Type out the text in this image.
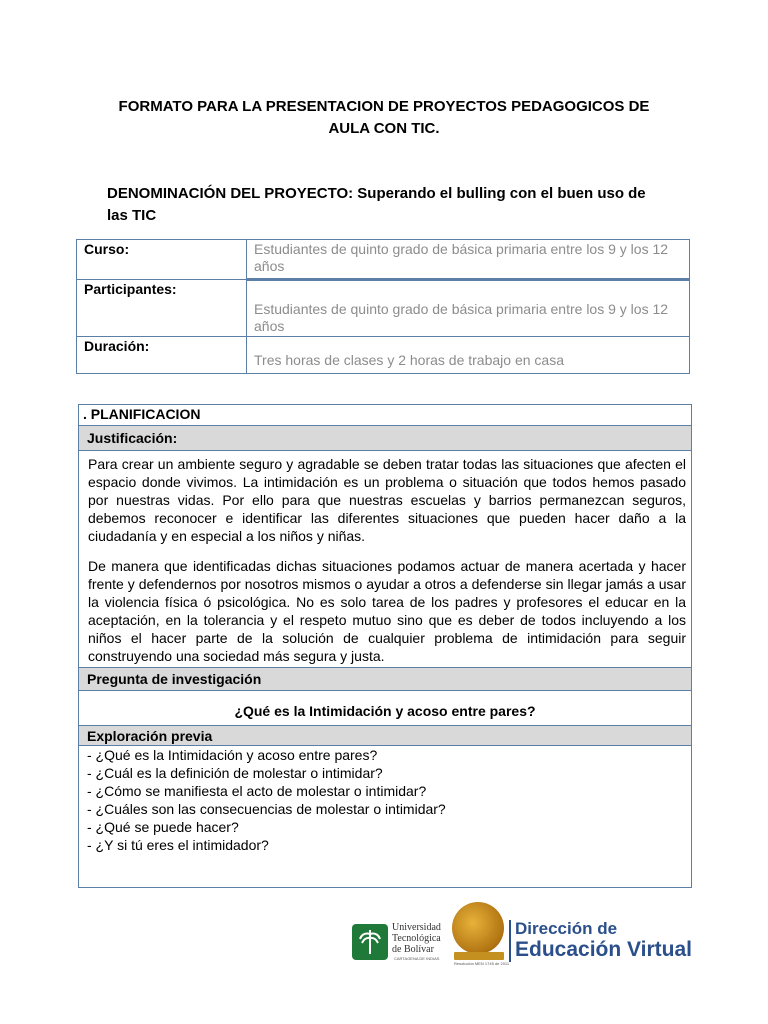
FORMATO PARA LA PRESENTACION DE PROYECTOS PEDAGOGICOS DE
AULA CON TIC.
DENOMINACIÓN DEL PROYECTO: Superando el bulling con el buen uso de
las TIC
Curso:	Estudiantes de quinto grado de básica primaria entre los 9 y los 12 años
Participantes:	Estudiantes de quinto grado de básica primaria entre los 9 y los 12 años
Duración:	Tres horas de clases y 2 horas de trabajo en casa
. PLANIFICACION
Justificación:

Para crear un ambiente seguro y agradable se deben tratar todas las situaciones que afecten el espacio donde vivimos. La intimidación es un problema o situación que todos hemos pasado por nuestras vidas. Por ello para que nuestras escuelas y barrios permanezcan seguros, debemos reconocer e identificar las diferentes situaciones que pueden hacer daño a la ciudadanía y en especial a los niños y niñas.

De manera que identificadas dichas situaciones podamos actuar de manera acertada y hacer frente y defendernos por nosotros mismos o ayudar a otros a defenderse sin llegar jamás a usar la violencia física ó psicológica. No es solo tarea de los padres y profesores el educar en la aceptación, en la tolerancia y el respeto mutuo sino que es deber de todos incluyendo a los niños el hacer parte de la solución de cualquier problema de intimidación para seguir construyendo una sociedad más segura y justa.

Pregunta de investigación
¿Qué es la Intimidación y acoso entre pares?
Exploración previa
- ¿Qué es la Intimidación y acoso entre pares?
- ¿Cuál es la definición de molestar o intimidar?
- ¿Cómo se manifiesta el acto de molestar o intimidar?
- ¿Cuáles son las consecuencias de molestar o intimidar?
- ¿Qué se puede hacer?
- ¿Y si tú eres el intimidador?
Universidad
Tecnológica
de Bolívar
CARTAGENA DE INDIAS
Resolución MEN 1745 de 2011
Dirección de
Educación Virtual
